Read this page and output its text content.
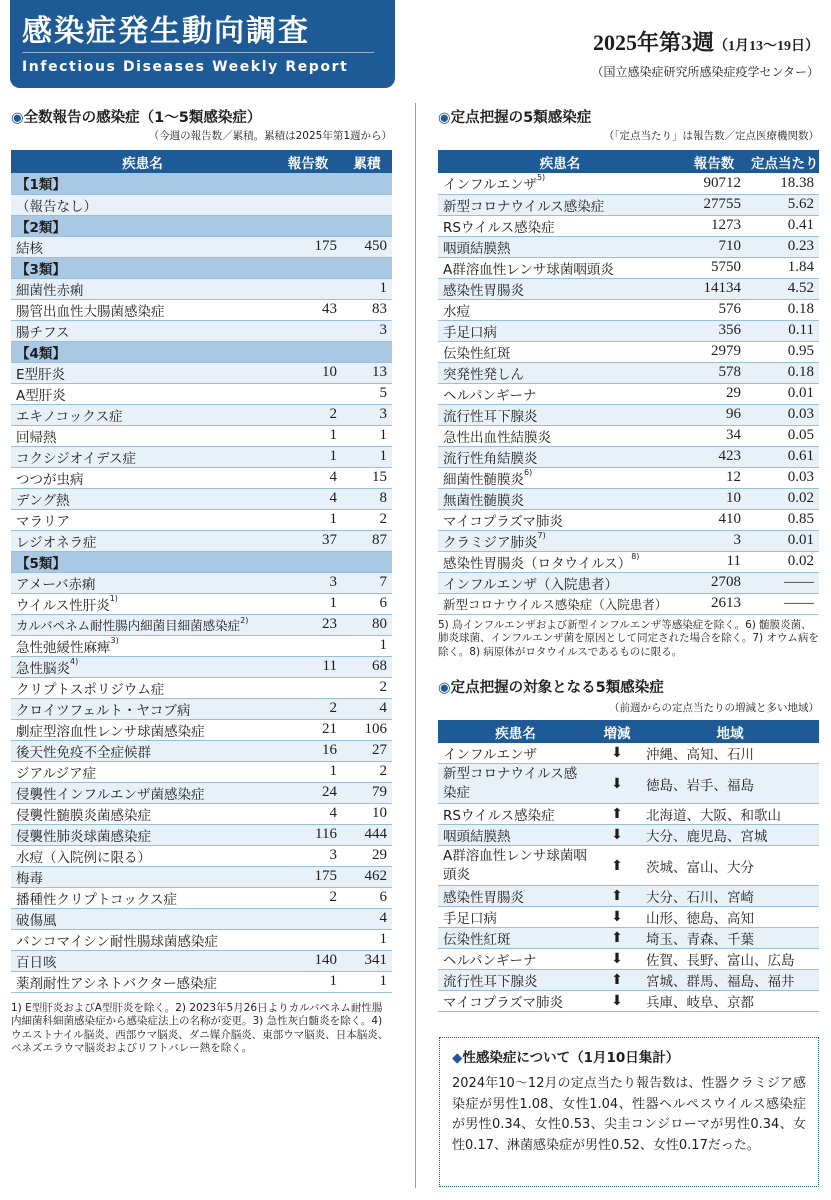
感染症発生動向調査
Infectious Diseases Weekly Report
2025年第3週（1月13～19日）
（国立感染症研究所感染症疫学センター）
◉全数報告の感染症（1～5類感染症）
（今週の報告数／累積。累積は2025年第1週から）
疾患名	報告数	累積
【1類】		
（報告なし）		
【2類】		
結核	175	450
【3類】		
細菌性赤痢		1
腸管出血性大腸菌感染症	43	83
腸チフス		3
【4類】		
E型肝炎	10	13
A型肝炎		5
エキノコックス症	2	3
回帰熱	1	1
コクシジオイデス症	1	1
つつが虫病	4	15
デング熱	4	8
マラリア	1	2
レジオネラ症	37	87
【5類】		
アメーバ赤痢	3	7
ウイルス性肝炎$^{1)}$	1	6
カルバペネム耐性腸内細菌目細菌感染症$^{2)}$	23	80
急性弛緩性麻痺$^{3)}$		1
急性脳炎$^{4)}$	11	68
クリプトスポリジウム症		2
クロイツフェルト・ヤコブ病	2	4
劇症型溶血性レンサ球菌感染症	21	106
後天性免疫不全症候群	16	27
ジアルジア症	1	2
侵襲性インフルエンザ菌感染症	24	79
侵襲性髄膜炎菌感染症	4	10
侵襲性肺炎球菌感染症	116	444
水痘（入院例に限る）	3	29
梅毒	175	462
播種性クリプトコックス症	2	6
破傷風		4
バンコマイシン耐性腸球菌感染症		1
百日咳	140	341
薬剤耐性アシネトバクター感染症	1	1
1) E型肝炎およびA型肝炎を除く。2) 2023年5月26日よりカルバペネム耐性腸内細菌科細菌感染症から感染症法上の名称が変更。3) 急性灰白髄炎を除く。4) ウエストナイル脳炎、西部ウマ脳炎、ダニ媒介脳炎、東部ウマ脳炎、日本脳炎、ベネズエラウマ脳炎およびリフトバレー熱を除く。
◉定点把握の5類感染症
（「定点当たり」は報告数／定点医療機関数）
疾患名	報告数	定点当たり
インフルエンザ$^{5)}$	90712	18.38
新型コロナウイルス感染症	27755	5.62
RSウイルス感染症	1273	0.41
咽頭結膜熱	710	0.23
A群溶血性レンサ球菌咽頭炎	5750	1.84
感染性胃腸炎	14134	4.52
水痘	576	0.18
手足口病	356	0.11
伝染性紅斑	2979	0.95
突発性発しん	578	0.18
ヘルパンギーナ	29	0.01
流行性耳下腺炎	96	0.03
急性出血性結膜炎	34	0.05
流行性角結膜炎	423	0.61
細菌性髄膜炎$^{6)}$	12	0.03
無菌性髄膜炎	10	0.02
マイコプラズマ肺炎	410	0.85
クラミジア肺炎$^{7)}$	3	0.01
感染性胃腸炎（ロタウイルス）$^{8)}$	11	0.02
インフルエンザ（入院患者）	2708	――
新型コロナウイルス感染症（入院患者）	2613	――
5) 鳥インフルエンザおよび新型インフルエンザ等感染症を除く。6) 髄膜炎菌、肺炎球菌、インフルエンザ菌を原因として同定された場合を除く。7) オウム病を除く。8) 病原体がロタウイルスであるものに限る。
◉定点把握の対象となる5類感染症
（前週からの定点当たりの増減と多い地域）
疾患名	増減	地域
インフルエンザ	⬇	沖縄、高知、石川
新型コロナウイルス感染症	⬇	徳島、岩手、福島
RSウイルス感染症	⬆	北海道、大阪、和歌山
咽頭結膜熱	⬇	大分、鹿児島、宮城
A群溶血性レンサ球菌咽頭炎	⬆	茨城、富山、大分
感染性胃腸炎	⬆	大分、石川、宮崎
手足口病	⬇	山形、徳島、高知
伝染性紅斑	⬆	埼玉、青森、千葉
ヘルパンギーナ	⬇	佐賀、長野、富山、広島
流行性耳下腺炎	⬆	宮城、群馬、福島、福井
マイコプラズマ肺炎	⬇	兵庫、岐阜、京都
◆性感染症について（1月10日集計）
2024年10～12月の定点当たり報告数は、性器クラミジア感染症が男性1.08、女性1.04、性器ヘルペスウイルス感染症が男性0.34、女性0.53、尖圭コンジローマが男性0.34、女性0.17、淋菌感染症が男性0.52、女性0.17だった。
